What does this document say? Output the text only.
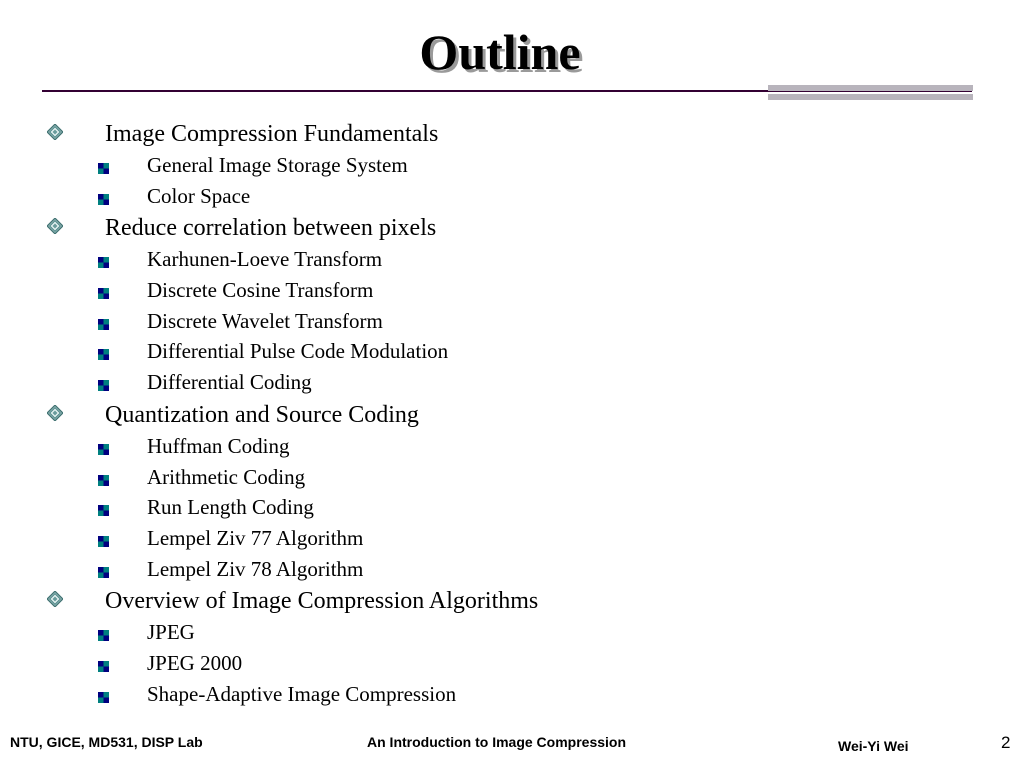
Outline
Image Compression Fundamentals
General Image Storage System
Color Space
Reduce correlation between pixels
Karhunen-Loeve Transform
Discrete Cosine Transform
Discrete Wavelet Transform
Differential Pulse Code Modulation
Differential Coding
Quantization and Source Coding
Huffman Coding
Arithmetic Coding
Run Length Coding
Lempel Ziv 77 Algorithm
Lempel Ziv 78 Algorithm
Overview of Image Compression Algorithms
JPEG
JPEG 2000
Shape-Adaptive Image Compression
NTU, GICE, MD531, DISP Lab	An Introduction to Image Compression	Wei-Yi Wei	2
